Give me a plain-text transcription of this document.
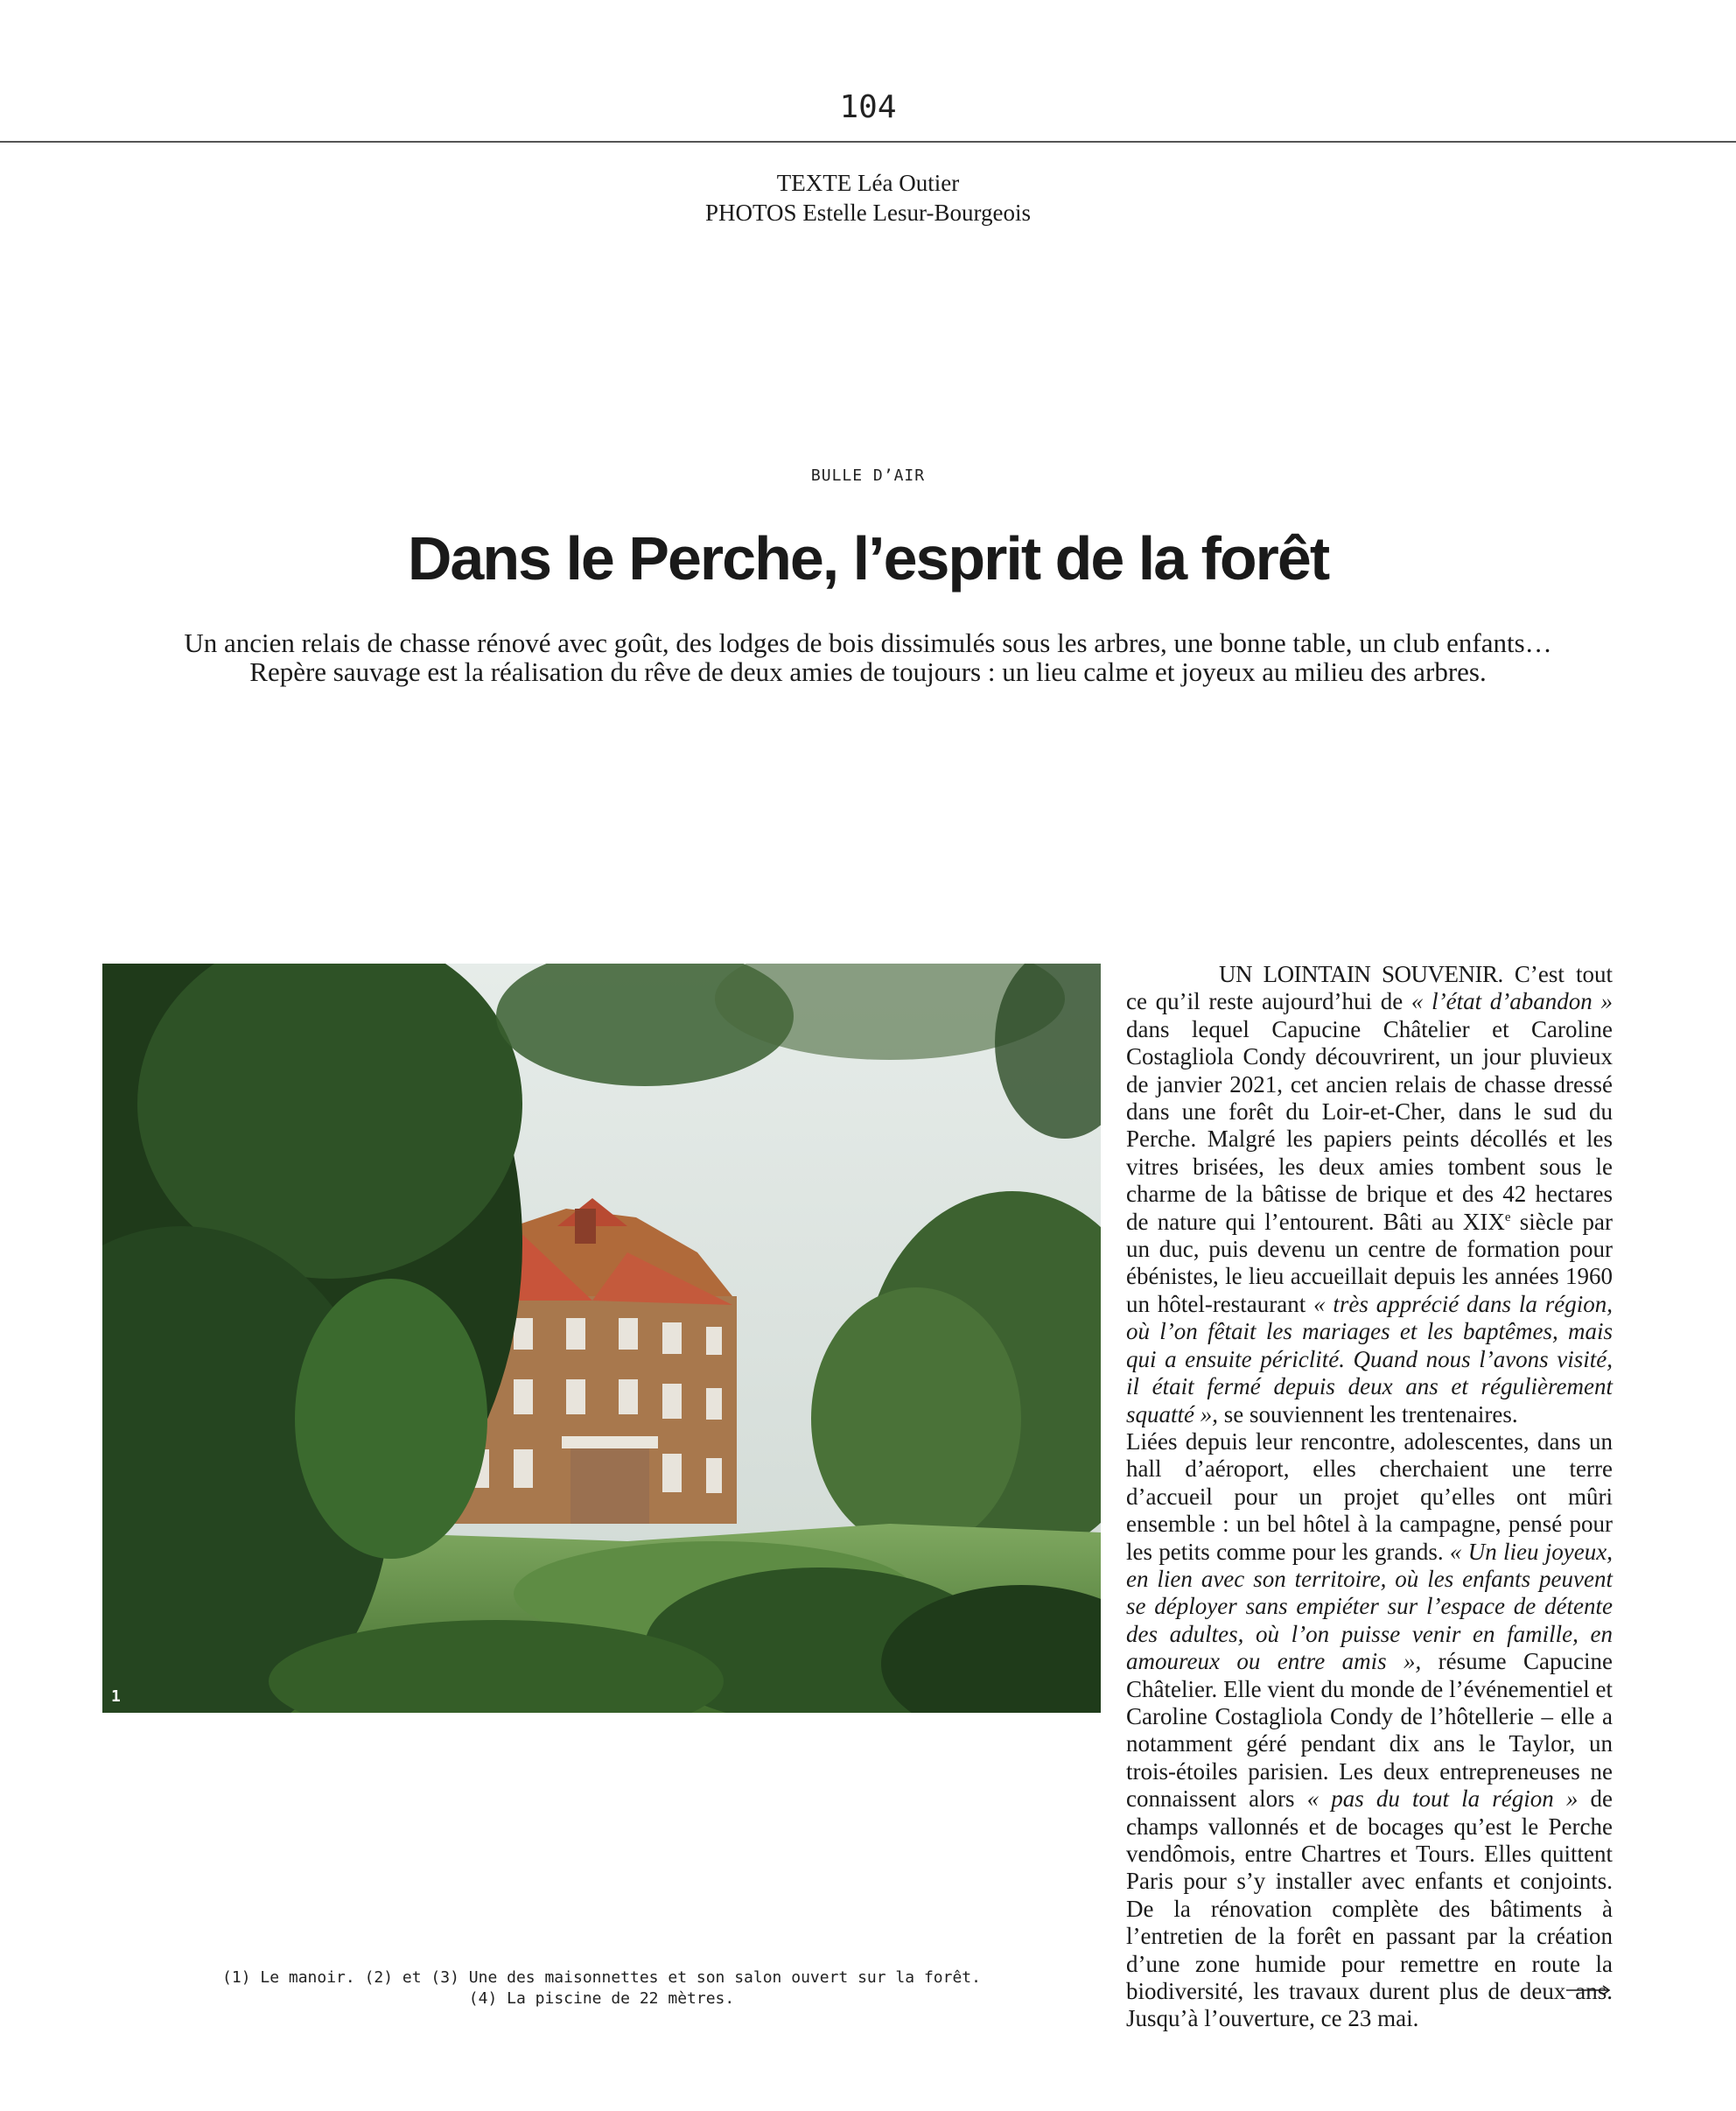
104
TEXTE Léa Outier
PHOTOS Estelle Lesur-Bourgeois
BULLE D’AIR
Dans le Perche, l’esprit de la forêt
Un ancien relais de chasse rénové avec goût, des lodges de bois dissimulés sous les arbres, une bonne table, un club enfants…
Repère sauvage est la réalisation du rêve de deux amies de toujours : un lieu calme et joyeux au milieu des arbres.
1
(1) Le manoir. (2) et (3) Une des maisonnettes et son salon ouvert sur la forêt.
(4) La piscine de 22 mètres.

UN LOINTAIN SOUVENIR. C’est tout ce qu’il reste aujourd’hui de « l’état d’abandon » dans lequel Capucine Châtelier et Caroline Costagliola Condy découvrirent, un jour pluvieux de janvier 2021, cet ancien relais de chasse dressé dans une forêt du Loir-et-Cher, dans le sud du Perche. Malgré les papiers peints décollés et les vitres brisées, les deux amies tombent sous le charme de la bâtisse de brique et des 42 hectares de nature qui l’entourent. Bâti au XIXe siècle par un duc, puis devenu un centre de formation pour ébénistes, le lieu accueillait depuis les années 1960 un hôtel-restaurant « très apprécié dans la région, où l’on fêtait les mariages et les baptêmes, mais qui a ensuite périclité. Quand nous l’avons visité, il était fermé depuis deux ans et régulièrement squatté », se souviennent les trentenaires.

Liées depuis leur rencontre, adolescentes, dans un hall d’aéroport, elles cherchaient une terre d’accueil pour un projet qu’elles ont mûri ensemble : un bel hôtel à la campagne, pensé pour les petits comme pour les grands. « Un lieu joyeux, en lien avec son territoire, où les enfants peuvent se déployer sans empiéter sur l’espace de détente des adultes, où l’on puisse venir en famille, en amoureux ou entre amis », résume Capucine Châtelier. Elle vient du monde de l’événementiel et Caroline Costagliola Condy de l’hôtellerie – elle a notamment géré pendant dix ans le Taylor, un trois-étoiles parisien. Les deux entrepreneuses ne connaissent alors « pas du tout la région » de champs vallonnés et de bocages qu’est le Perche vendômois, entre Chartres et Tours. Elles quittent Paris pour s’y installer avec enfants et conjoints. De la rénovation complète des bâtiments à l’entretien de la forêt en passant par la création d’une zone humide pour remettre en route la biodiversité, les travaux durent plus de deux ans. Jusqu’à l’ouverture, ce 23 mai.
